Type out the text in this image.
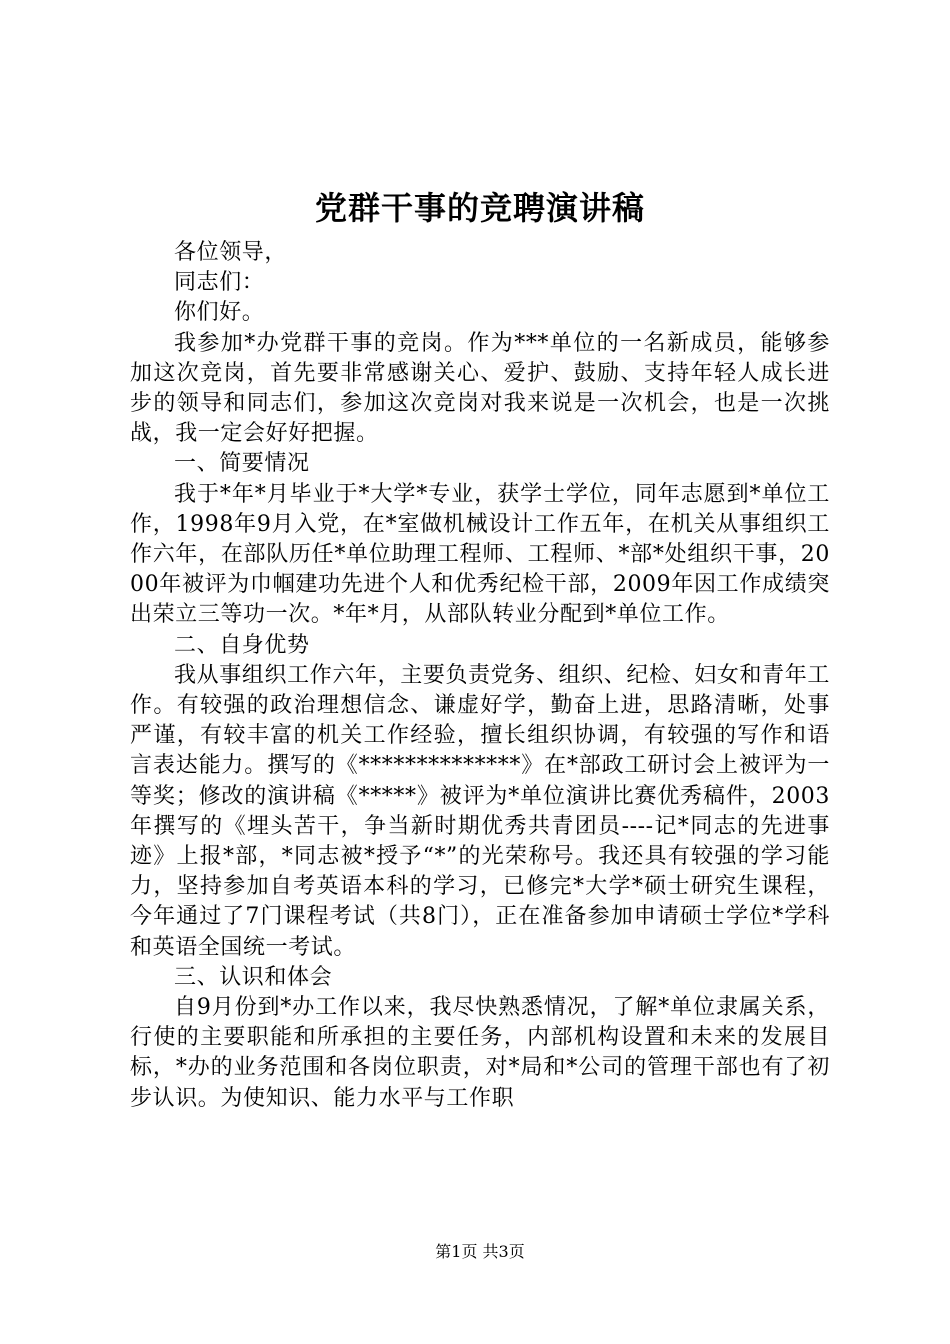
党群干事的竞聘演讲稿

各位领导，

同志们：

你们好。

我参加*办党群干事的竞岗。作为***单位的一名新成员，能够参加这次竞岗，首先要非常感谢关心、爱护、鼓励、支持年轻人成长进步的领导和同志们，参加这次竞岗对我来说是一次机会，也是一次挑战，我一定会好好把握。

一、简要情况

我于*年*月毕业于*大学*专业，获学士学位，同年志愿到*单位工作，1998年9月入党，在*室做机械设计工作五年，在机关从事组织工作六年，在部队历任*单位助理工程师、工程师、*部*处组织干事，2000年被评为巾帼建功先进个人和优秀纪检干部，2009年因工作成绩突出荣立三等功一次。*年*月，从部队转业分配到*单位工作。

二、自身优势

我从事组织工作六年，主要负责党务、组织、纪检、妇女和青年工作。有较强的政治理想信念、谦虚好学，勤奋上进，思路清晰，处事严谨，有较丰富的机关工作经验，擅长组织协调，有较强的写作和语言表达能力。撰写的《**************》在*部政工研讨会上被评为一等奖；修改的演讲稿《*****》被评为*单位演讲比赛优秀稿件，2003年撰写的《埋头苦干，争当新时期优秀共青团员----记*同志的先进事迹》上报*部，*同志被*授予“*”的光荣称号。我还具有较强的学习能力，坚持参加自考英语本科的学习，已修完*大学*硕士研究生课程，今年通过了7门课程考试（共8门），正在准备参加申请硕士学位*学科和英语全国统一考试。

三、认识和体会

自9月份到*办工作以来，我尽快熟悉情况，了解*单位隶属关系，行使的主要职能和所承担的主要任务，内部机构设置和未来的发展目标，*办的业务范围和各岗位职责，对*局和*公司的管理干部也有了初步认识。为使知识、能力水平与工作职

第1页 共3页
